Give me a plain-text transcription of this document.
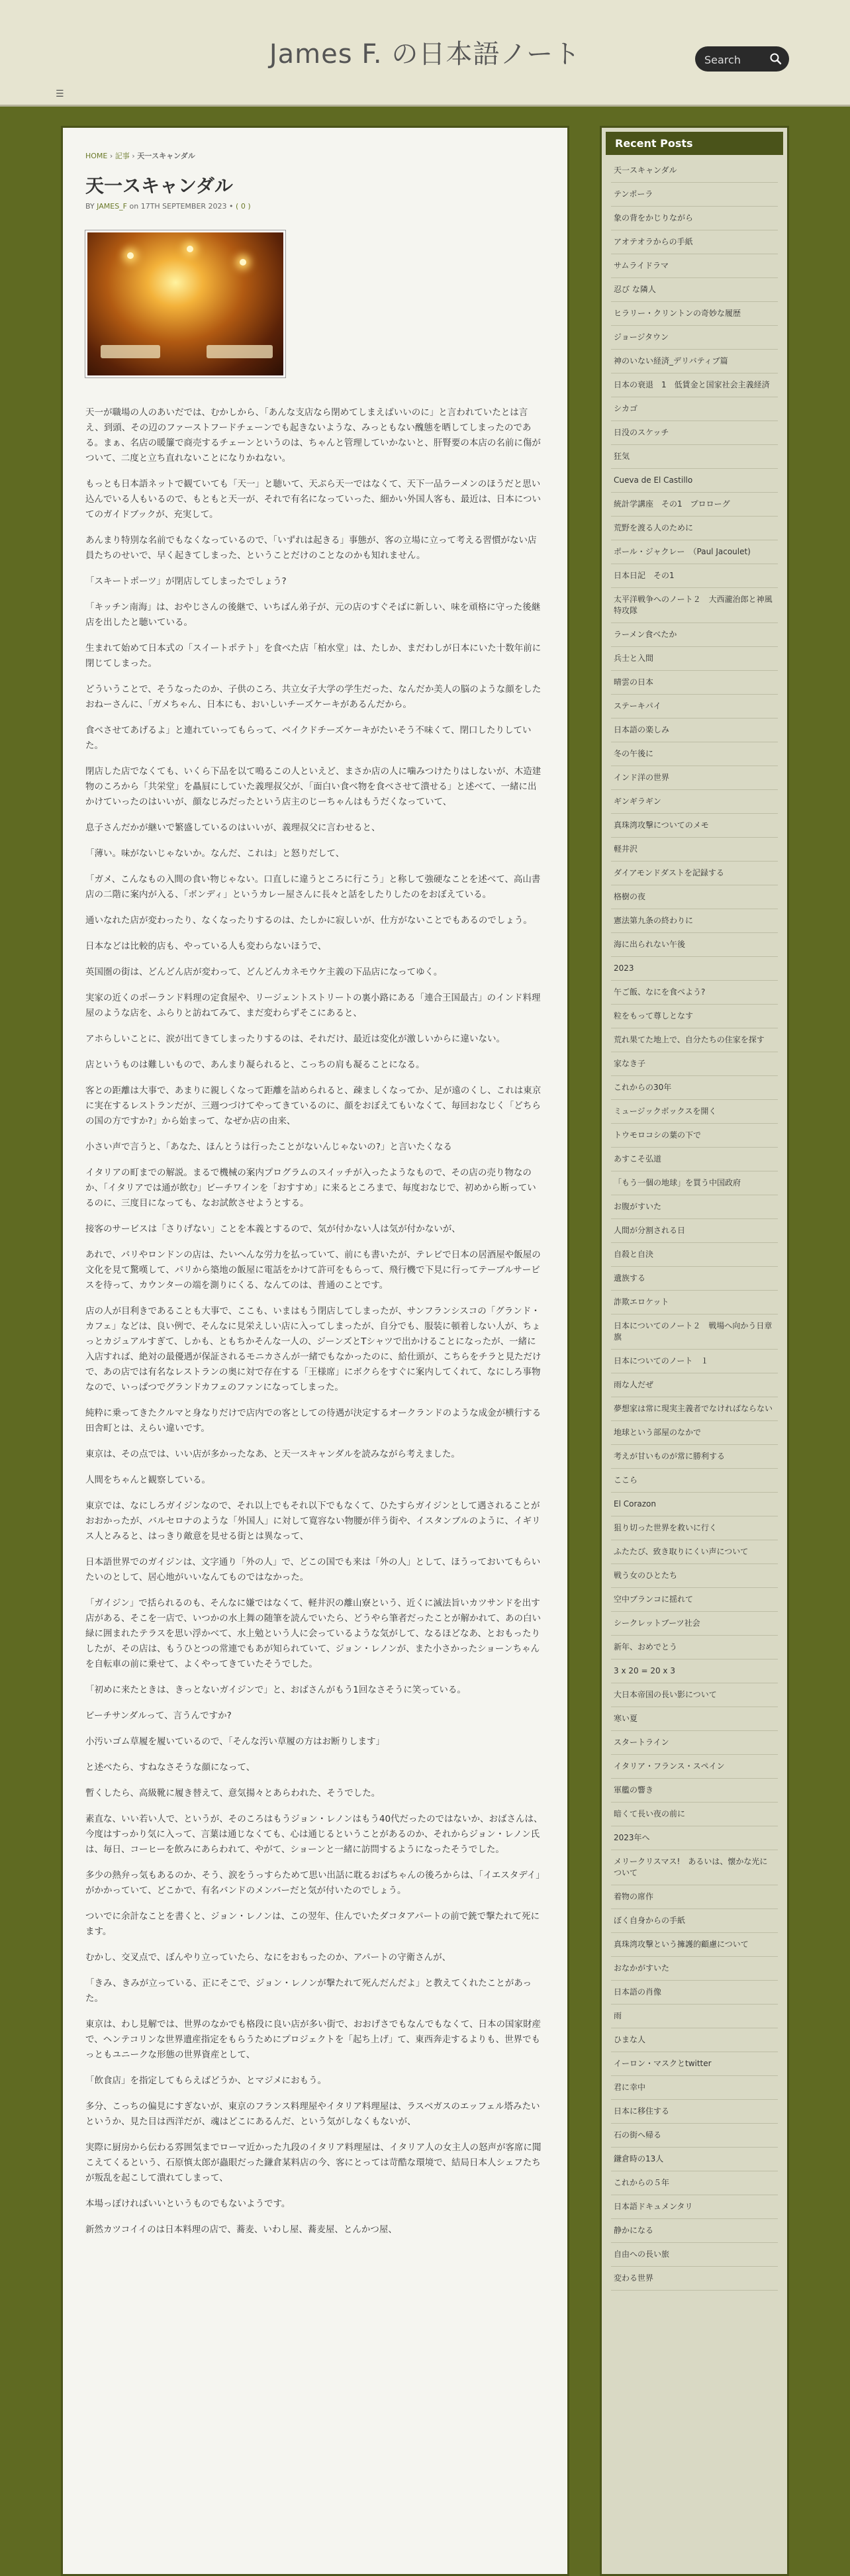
James F. の日本語ノート
Search
☰
HOME › 記事 › 天一スキャンダル
天一スキャンダル
BY JAMES_F on 17TH SEPTEMBER 2023 • ( 0 )

天一が職場の人のあいだでは、むかしから、「あんな支店なら閉めてしまえばいいのに」と言われていたとは言え、到頭、その辺のファーストフードチェーンでも起きないような、みっともない醜態を晒してしまったのである。まぁ、名店の暖簾で商売するチェーンというのは、ちゃんと管理していかないと、肝腎要の本店の名前に傷がついて、二度と立ち直れないことになりかねない。

もっとも日本語ネットで観ていても「天一」と聴いて、天ぷら天一ではなくて、天下一品ラーメンのほうだと思い込んでいる人もいるので、もともと天一が、それで有名になっていった、細かい外国人客も、最近は、日本についてのガイドブックが、充実して。

あんまり特別な名前でもなくなっているので、「いずれは起きる」事態が、客の立場に立って考える習慣がない店員たちのせいで、早く起きてしまった、ということだけのことなのかも知れません。

「スキートポーツ」が閉店してしまったでしょう?

「キッチン南海」は、おやじさんの後継で、いちばん弟子が、元の店のすぐそばに新しい、味を頑格に守った後継店を出したと聴いている。

生まれて始めて日本式の「スイートポテト」を食べた店「柏水堂」は、たしか、まだわしが日本にいた十数年前に閉じてしまった。

どういうことで、そうなったのか、子供のころ、共立女子大学の学生だった、なんだか美人の脳のような顔をしたおねーさんに、「ガメちゃん、日本にも、おいしいチーズケーキがあるんだから。

食べさせてあげるよ」と連れていってもらって、ベイクドチーズケーキがたいそう不味くて、閉口したりしていた。

閉店した店でなくても、いくら下品を以て鳴るこの人といえど、まさか店の人に噛みつけたりはしないが、木造建物のころから「共栄堂」を贔屓にしていた義理叔父が、「面白い食べ物を食べさせて潰せる」と述べて、一緒に出かけていったのはいいが、顔なじみだったという店主のじーちゃんはもうだくなっていて、

息子さんだかが継いで繁盛しているのはいいが、義理叔父に言わせると、

「薄い。味がないじゃないか。なんだ、これは」と怒りだして、

「ガメ、こんなもの入間の食い物じゃない。口直しに違うところに行こう」と称して強硬なことを述べて、高山書店の二階に案内が入る、「ボンディ」というカレー屋さんに長々と話をしたりしたのをおぼえている。

通いなれた店が変わったり、なくなったりするのは、たしかに寂しいが、仕方がないことでもあるのでしょう。

日本などは比較的店も、やっている人も変わらないほうで、

英国圏の街は、どんどん店が変わって、どんどんカネモウケ主義の下品店になってゆく。

実家の近くのポーランド料理の定食屋や、リージェントストリートの裏小路にある「連合王国最古」のインド料理屋のような店を、ふらりと訪ねてみて、まだ変わらずそこにあると、

アホらしいことに、涙が出てきてしまったりするのは、それだけ、最近は変化が激しいからに違いない。

店というものは難しいもので、あんまり凝られると、こっちの肩も凝ることになる。

客との距離は大事で、あまりに親しくなって距離を詰められると、疎ましくなってか、足が遠のくし、これは東京に実在するレストランだが、三週つづけてやってきているのに、顔をおぼえてもいなくて、毎回おなじく「どちらの国の方ですか?」から始まって、なぜか店の由来、

小さい声で言うと、「あなた、ほんとうは行ったことがないんじゃないの?」と言いたくなる

イタリアの町までの解説。まるで機械の案内プログラムのスイッチが入ったようなもので、その店の売り物なのか、「イタリアでは通が飲む」ビーチワインを「おすすめ」に来るところまで、毎度おなじで、初めから断っているのに、三度目になっても、なお試飲させようとする。

接客のサービスは「さりげない」ことを本義とするので、気が付かない人は気が付かないが、

あれで、パリやロンドンの店は、たいへんな労力を払っていて、前にも書いたが、テレビで日本の居酒屋や飯屋の文化を見て驚嘆して、パリから築地の飯屋に電話をかけて許可をもらって、飛行機で下見に行ってテーブルサービスを待って、カウンターの端を測りにくる、なんてのは、普通のことです。

店の人が目利きであることも大事で、ここも、いまはもう閉店してしまったが、サンフランシスコの「グランド・カフェ」などは、良い例で、そんなに見栄えしい店に入ってしまったが、自分でも、服装に頓着しない人が、ちょっとカジュアルすぎて、しかも、ともちかそんな一人の、ジーンズとTシャツで出かけることになったが、一緒に入店すれば、絶対の最優遇が保証されるモニカさんが一緒でもなかったのに、給仕頭が、こちらをチラと見ただけで、あの店では有名なレストランの奥に対で存在する「王様席」にボクらをすぐに案内してくれて、なにしろ事物なので、いっぱつでグランドカフェのファンになってしまった。

純粋に乗ってきたクルマと身なりだけで店内での客としての待遇が決定するオークランドのような成金が横行する田舎町とは、えらい違いです。

東京は、その点では、いい店が多かったなあ、と天一スキャンダルを読みながら考えました。

人間をちゃんと観察している。

東京では、なにしろガイジンなので、それ以上でもそれ以下でもなくて、ひたすらガイジンとして遇されることがおおかったが、バルセロナのような「外国人」に対して寛容ない物腰が伴う街や、イスタンブルのように、イギリス人とみると、はっきり敵意を見せる街とは異なって、

日本語世界でのガイジンは、文字通り「外の人」で、どこの国でも来は「外の人」として、ほうっておいてもらいたいのとして、居心地がいいなんてものではなかった。

「ガイジン」で括られるのも、そんなに嫌ではなくて、軽井沢の離山寮という、近くに滅法旨いカツサンドを出す店がある、そこを一店で、いつかの水上舞の随筆を読んでいたら、どうやら筆者だったことが解かれて、あの白い緑に囲まれたテラスを思い浮かべて、水上勉という人に会っているような気がして、なるほどなあ、とおもったりしたが、その店は、もうひとつの常連でもあが知られていて、ジョン・レノンが、また小さかったショーンちゃんを自転車の前に乗せて、よくやってきていたそうでした。

「初めに来たときは、きっとないガイジンで」と、おばさんがもう1回なさそうに笑っている。

ビーチサンダルって、言うんですか?

小汚いゴム草履を履いているので、「そんな汚い草履の方はお断りします」

と述べたら、すねなさそうな顔になって、

暫くしたら、高級靴に履き替えて、意気揚々とあらわれた、そうでした。

素直な、いい若い人で、というが、そのころはもうジョン・レノンはもう40代だったのではないか、おばさんは、今度はすっかり気に入って、言葉は通じなくても、心は通じるということがあるのか、それからジョン・レノン氏は、毎日、コーヒーを飲みにあらわれて、やがて、ショーンと一緒に訪問するようになったそうでした。

多少の熱弁っ気もあるのか、そう、涙をうっすらためて思い出話に耽るおばちゃんの後ろからは、「イエスタデイ」がかかっていて、どこかで、有名バンドのメンバーだと気が付いたのでしょう。

ついでに余計なことを書くと、ジョン・レノンは、この翌年、住んでいたダコタアパートの前で銃で撃たれて死にます。

むかし、交叉点で、ぼんやり立っていたら、なにをおもったのか、アパートの守衛さんが、

「きみ、きみが立っている、正にそこで、ジョン・レノンが撃たれて死んだんだよ」と教えてくれたことがあった。

東京は、わし見解では、世界のなかでも格段に良い店が多い街で、おおげさでもなんでもなくて、日本の国家財産で、ヘンテコリンな世界遺産指定をもらうためにプロジェクトを「起ち上げ」て、東西奔走するよりも、世界でもっともユニークな形態の世界資産として、

「飲食店」を指定してもらえばどうか、とマジメにおもう。

多分、こっちの偏見にすぎないが、東京のフランス料理屋やイタリア料理屋は、ラスベガスのエッフェル塔みたいというか、見た目は西洋だが、魂はどこにあるんだ、という気がしなくもないが、

実際に厨房から伝わる雰囲気までローマ近かった九段のイタリア料理屋は、イタリア人の女主人の怒声が客席に聞こえてくるという、石原慎太郎が蟲眼だった鎌倉某料店の今、客にとっては苛酷な環境で、結局日本人シェフたちが叛乱を起こして潰れてしまって、

本場っぽければいいというものでもないようです。

新然カツコイイのは日本料理の店で、蕎麦、いわし屋、蕎麦屋、とんかつ屋、

Recent Posts
天一スキャンダル
テンポーラ
象の背をかじりながら
アオテオラからの手紙
サムライドラマ
忍び な隣人
ヒラリー・クリントンの奇妙な履歴
ジョージタウン
神のいない経済_デリバティブ篇
日本の衰退　1　低賃金と国家社会主義経済
シカゴ
日没のスケッチ
狂気
Cueva de El Castillo
統計学講座　その1　プロローグ
荒野を渡る人のために
ポール・ジャクレー　（Paul Jacoulet)
日本日記　その1
太平洋戦争へのノート２　大西瀧治郎と神風特攻隊
ラーメン食べたか
兵士と入間
晴雲の日本
ステーキパイ
日本語の楽しみ
冬の午後に
インド洋の世界
ギンギラギン
真珠湾攻撃についてのメモ
軽井沢
ダイアモンドダストを記録する
格樹の夜
憲法第九条の終わりに
海に出られない午後
2023
午ご飯、なにを食べよう?
粒をもって尊しとなす
荒れ果てた地上で、自分たちの住家を探す
家なき子
これからの30年
ミュージックボックスを開く
トウモロコシの葉の下で
あすこそ弘道
「もう一個の地球」を買う中国政府
お腹がすいた
人間が分割される日
自殺と自決
遺族する
詐欺エロケット
日本についてのノート２　戦場へ向かう日章旗
日本についてのノート　１
雨な人だぜ
夢想家は常に現実主義者でなければならない
地球という部屋のなかで
考えが甘いものが常に勝利する
ここら
El Corazon
狙り切った世界を救いに行く
ふたたび、致き取りにくい声について
戦う女のひとたち
空中ブランコに揺れて
シークレットブーツ社会
新年、おめでとう
3 x 20 = 20 x 3
大日本帝国の長い影について
寒い夏
スタートライン
イタリア・フランス・スペイン
軍艦の響き
暗くて長い夜の前に
2023年へ
メリークリスマス!　あるいは、懐かな光について
着物の席作
ぼく自身からの手紙
真珠湾攻撃という擁護的顧慮について
おなかがすいた
日本語の肖像
雨
ひまな人
イーロン・マスクとtwitter
君に幸中
日本に移住する
石の街へ帰る
鎌倉時の13人
これからの５年
日本語ドキュメンタリ
静かになる
自由への長い旅
変わる世界
